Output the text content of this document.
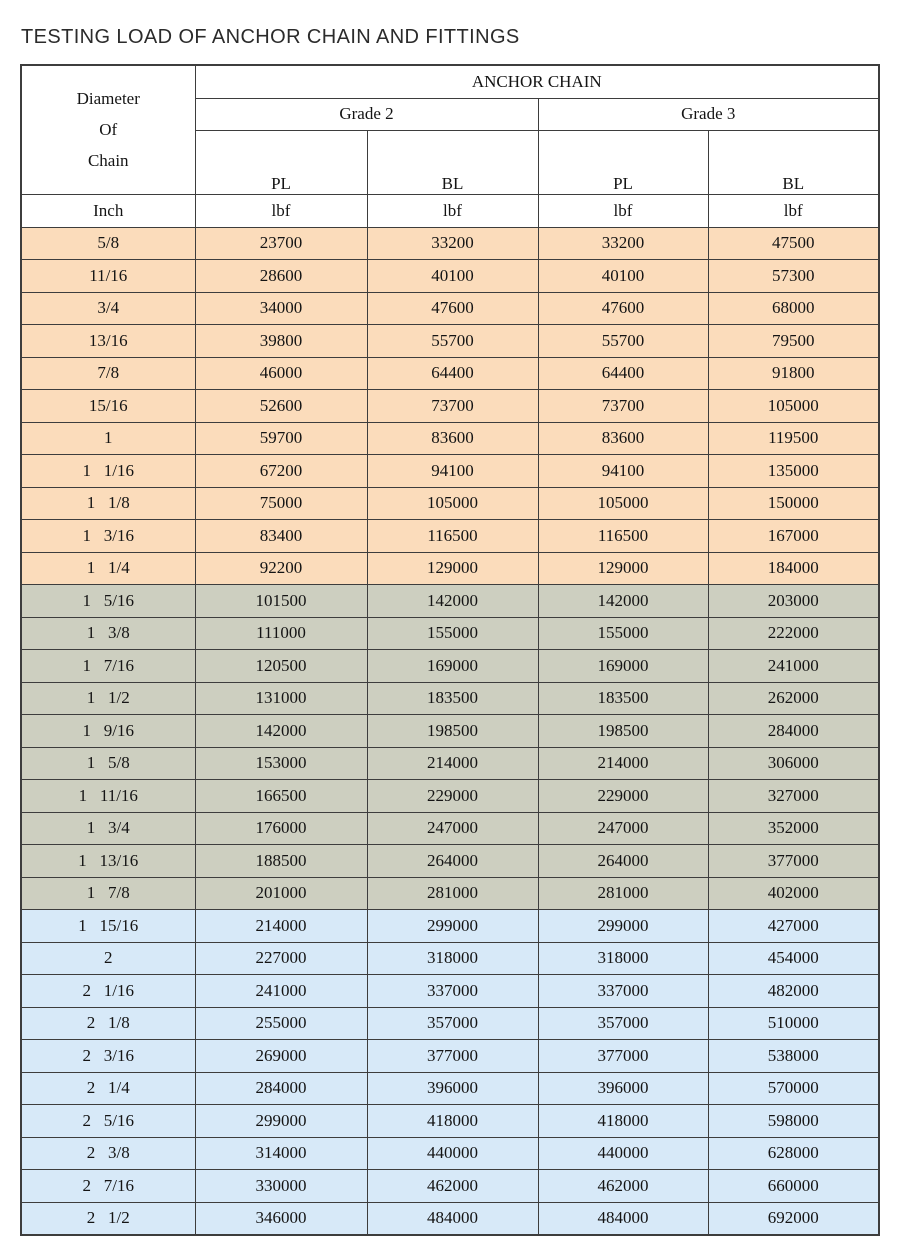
TESTING LOAD OF ANCHOR CHAIN AND FITTINGS
Diameter
Of
Chain	ANCHOR CHAIN			
	Grade 2		Grade 3	
	PL	BL	PL	BL
Inch	lbf	lbf	lbf	lbf
5/8	23700	33200	33200	47500
11/16	28600	40100	40100	57300
3/4	34000	47600	47600	68000
13/16	39800	55700	55700	79500
7/8	46000	64400	64400	91800
15/16	52600	73700	73700	105000
1	59700	83600	83600	119500
1   1/16	67200	94100	94100	135000
1   1/8	75000	105000	105000	150000
1   3/16	83400	116500	116500	167000
1   1/4	92200	129000	129000	184000
1   5/16	101500	142000	142000	203000
1   3/8	111000	155000	155000	222000
1   7/16	120500	169000	169000	241000
1   1/2	131000	183500	183500	262000
1   9/16	142000	198500	198500	284000
1   5/8	153000	214000	214000	306000
1   11/16	166500	229000	229000	327000
1   3/4	176000	247000	247000	352000
1   13/16	188500	264000	264000	377000
1   7/8	201000	281000	281000	402000
1   15/16	214000	299000	299000	427000
2	227000	318000	318000	454000
2   1/16	241000	337000	337000	482000
2   1/8	255000	357000	357000	510000
2   3/16	269000	377000	377000	538000
2   1/4	284000	396000	396000	570000
2   5/16	299000	418000	418000	598000
2   3/8	314000	440000	440000	628000
2   7/16	330000	462000	462000	660000
2   1/2	346000	484000	484000	692000
